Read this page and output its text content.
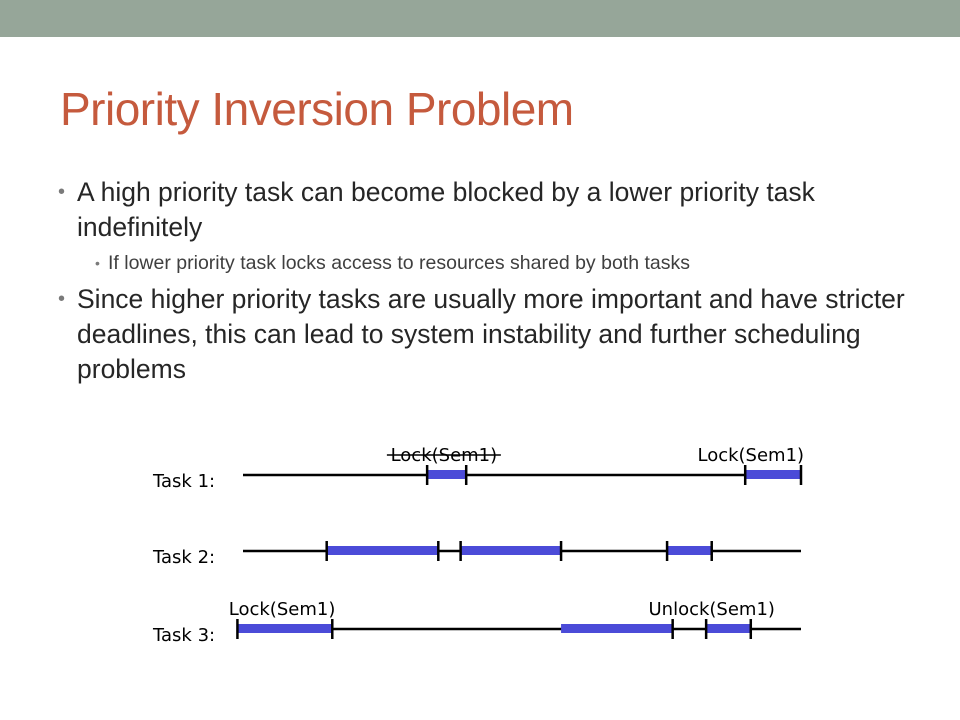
Priority Inversion Problem
• A high priority task can become blocked by a lower priority task indefinitely
• If lower priority task locks access to resources shared by both tasks
• Since higher priority tasks are usually more important and have stricter deadlines, this can lead to system instability and further scheduling problems
Task 1:
Lock(Sem1)	Lock(Sem1)
Task 2:
Task 3:
Lock(Sem1)	Unlock(Sem1)
